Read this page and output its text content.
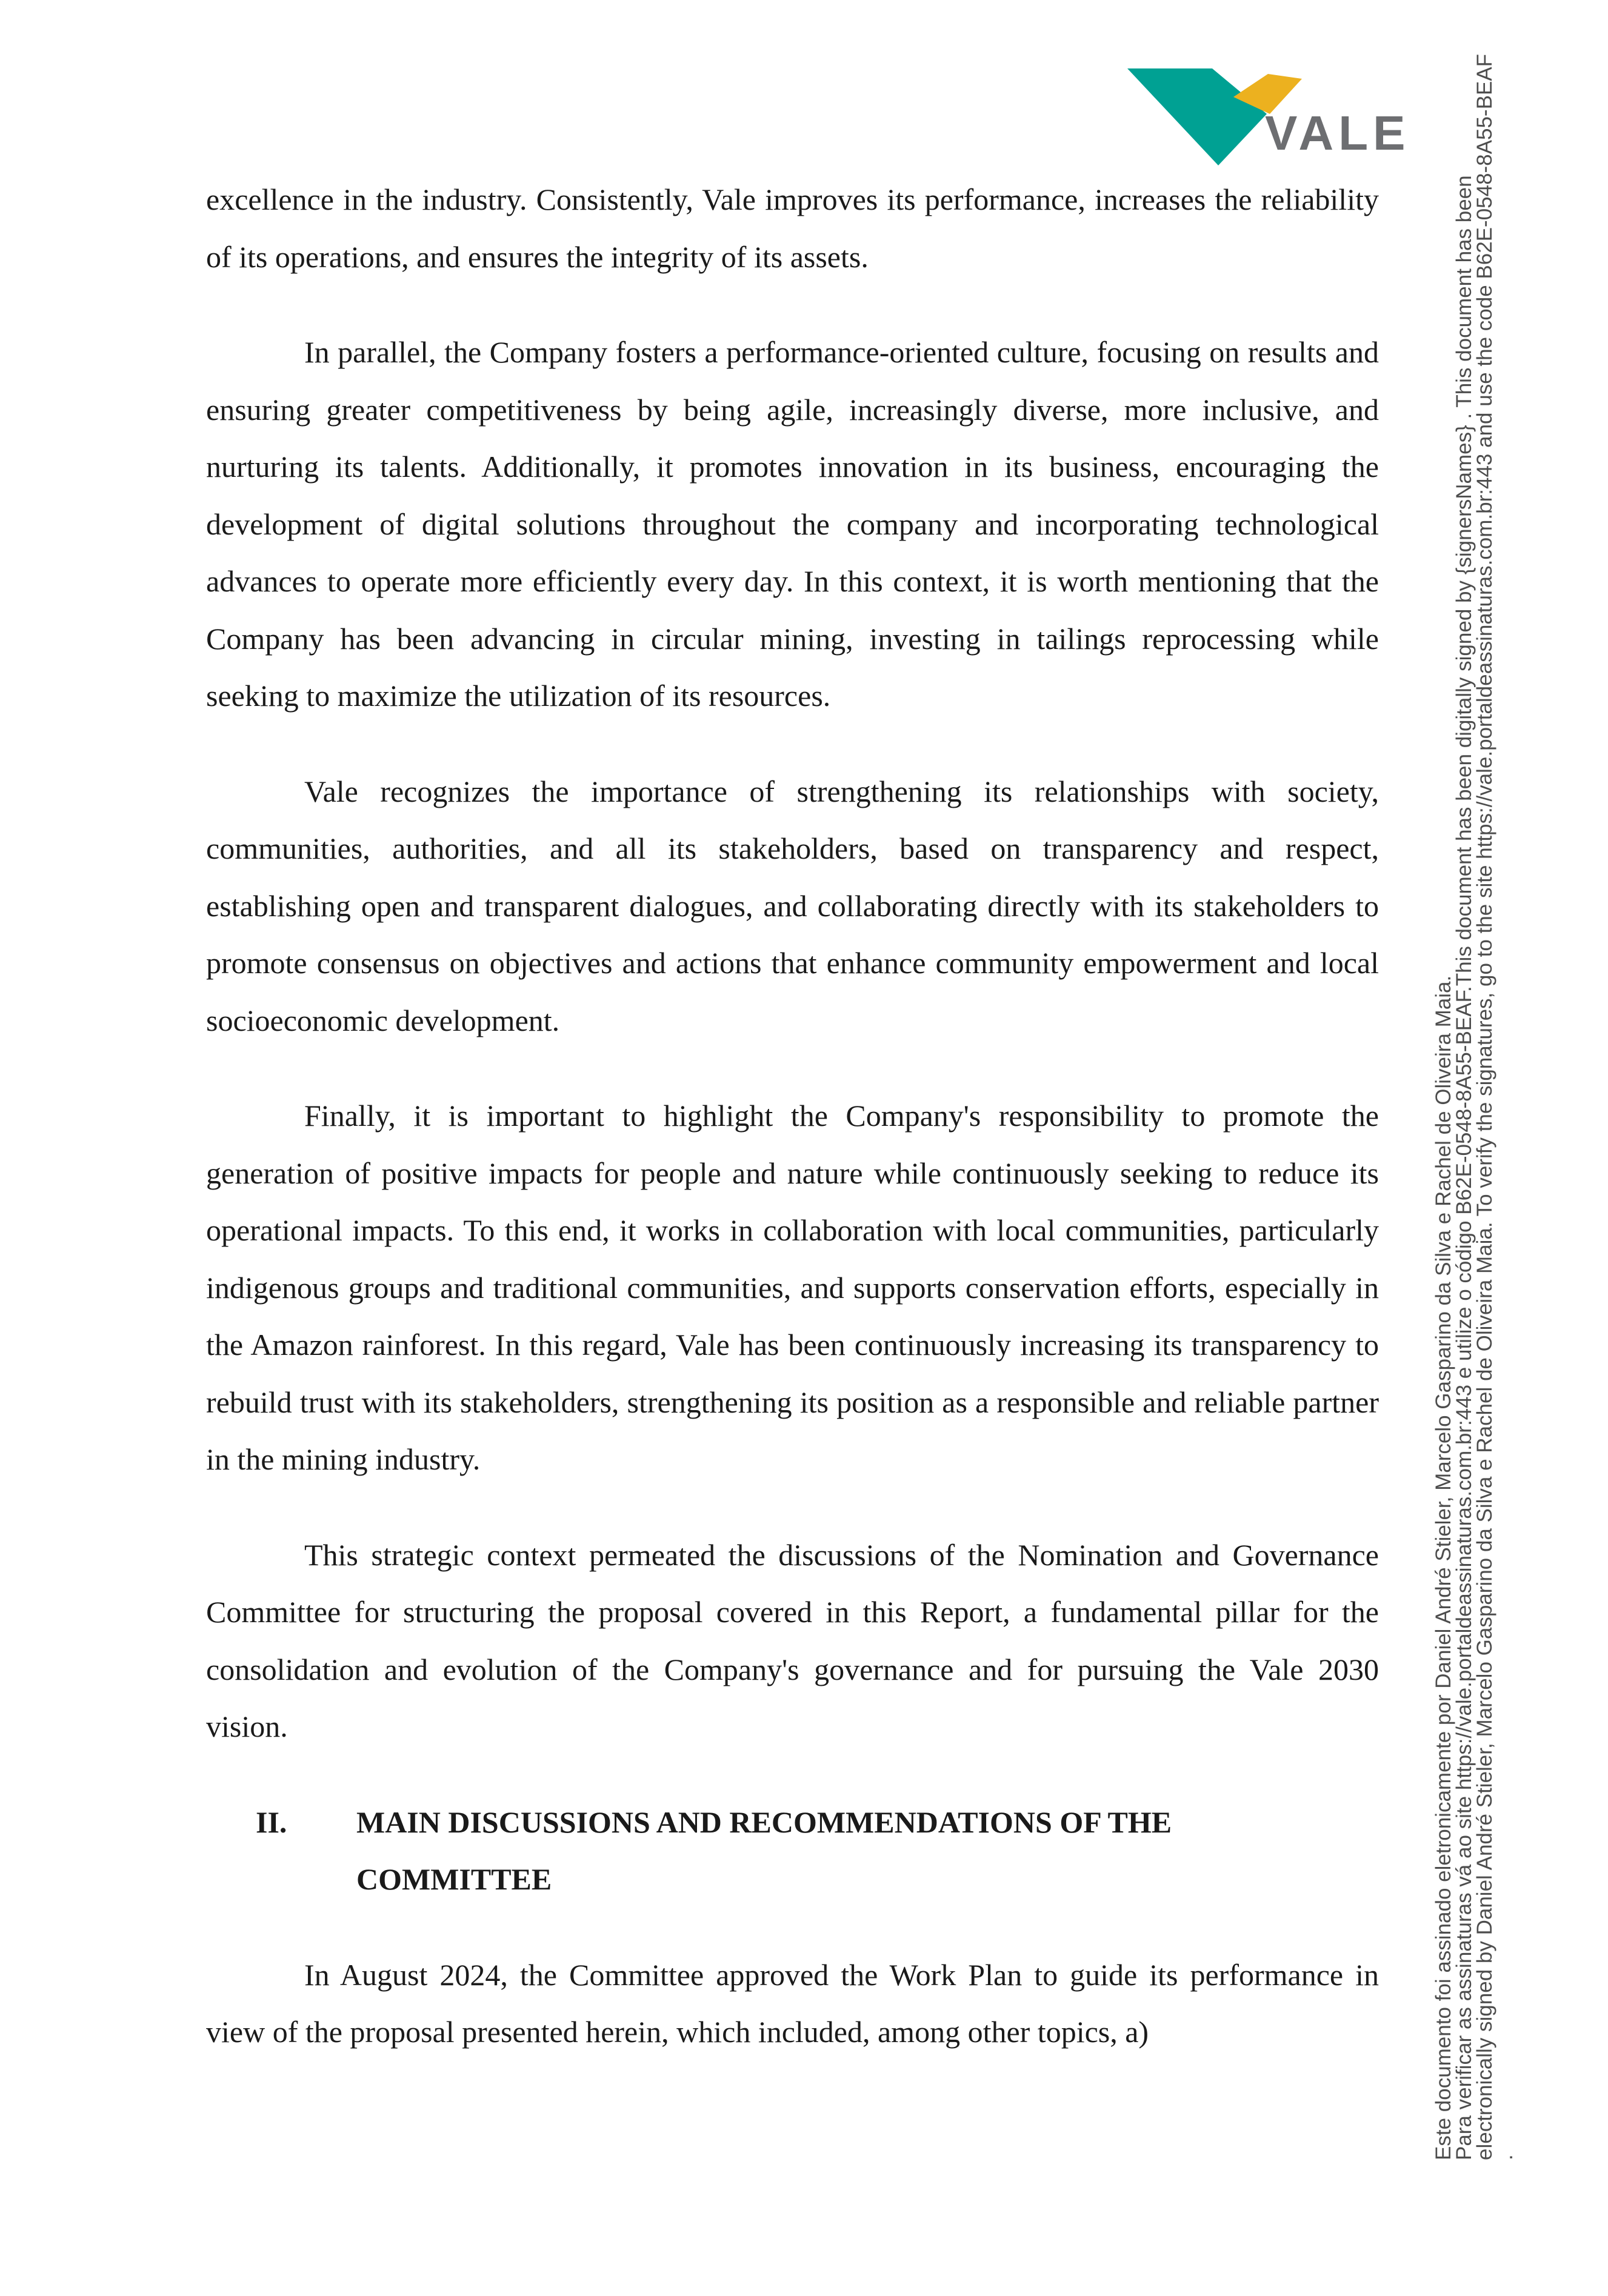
VALE

excellence in the industry. Consistently, Vale improves its performance, increases the reliability of its operations, and ensures the integrity of its assets.

In parallel, the Company fosters a performance-oriented culture, focusing on results and ensuring greater competitiveness by being agile, increasingly diverse, more inclusive, and nurturing its talents. Additionally, it promotes innovation in its business, encouraging the development of digital solutions throughout the company and incorporating technological advances to operate more efficiently every day. In this context, it is worth mentioning that the Company has been advancing in circular mining, investing in tailings reprocessing while seeking to maximize the utilization of its resources.

Vale recognizes the importance of strengthening its relationships with society, communities, authorities, and all its stakeholders, based on transparency and respect, establishing open and transparent dialogues, and collaborating directly with its stakeholders to promote consensus on objectives and actions that enhance community empowerment and local socioeconomic development.

Finally, it is important to highlight the Company's responsibility to promote the generation of positive impacts for people and nature while continuously seeking to reduce its operational impacts. To this end, it works in collaboration with local communities, particularly indigenous groups and traditional communities, and supports conservation efforts, especially in the Amazon rainforest. In this regard, Vale has been continuously increasing its transparency to rebuild trust with its stakeholders, strengthening its position as a responsible and reliable partner in the mining industry.

This strategic context permeated the discussions of the Nomination and Governance Committee for structuring the proposal covered in this Report, a fundamental pillar for the consolidation and evolution of the Company's governance and for pursuing the Vale 2030 vision.

II.	MAIN DISCUSSIONS AND RECOMMENDATIONS OF THE COMMITTEE

In August 2024, the Committee approved the Work Plan to guide its performance in view of the proposal presented herein, which included, among other topics, a)

Este documento foi assinado eletronicamente por Daniel André Stieler, Marcelo Gasparino da Silva e Rachel de Oliveira Maia.
Para verificar as assinaturas vá ao site https://vale.portaldeassinaturas.com.br:443 e utilize o código B62E-0548-8A55-BEAF.This document has been digitally signed by {signersNames} . This document has been electronically signed by Daniel André Stieler, Marcelo Gasparino da Silva e Rachel de Oliveira Maia. To verify the signatures, go to the site https://vale.portaldeassinaturas.com.br:443 and use the code B62E-0548-8A55-BEAF .
